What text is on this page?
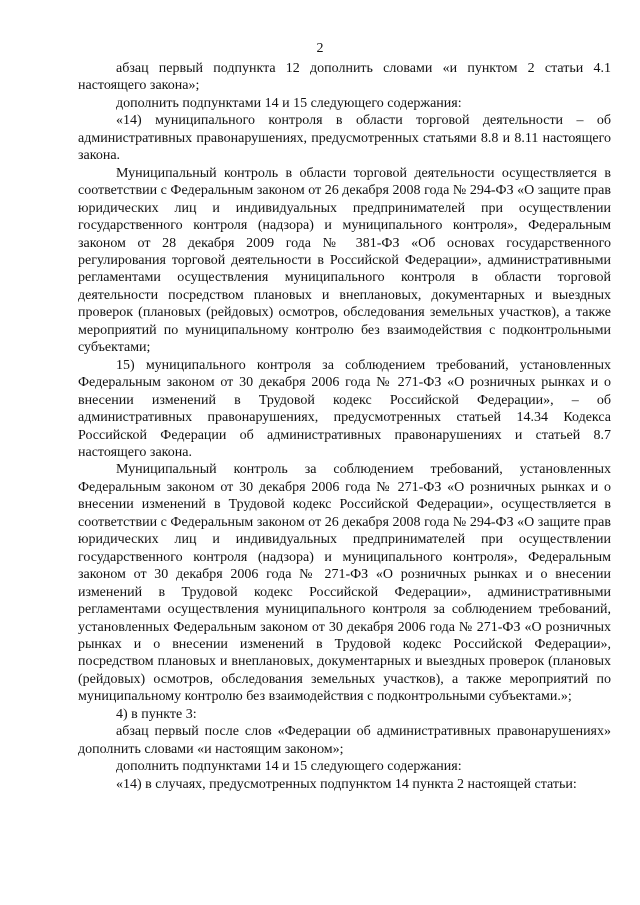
2

абзац первый подпункта 12 дополнить словами «и пунктом 2 статьи 4.1 настоящего закона»;

дополнить подпунктами 14 и 15 следующего содержания:

«14) муниципального контроля в области торговой деятельности – об административных правонарушениях, предусмотренных статьями 8.8 и 8.11 настоящего закона.

Муниципальный контроль в области торговой деятельности осуществляется в соответствии с Федеральным законом от 26 декабря 2008 года № 294-ФЗ «О защите прав юридических лиц и индивидуальных предпринимателей при осуществлении государственного контроля (надзора) и муниципального контроля», Федеральным законом от 28 декабря 2009 года № 381-ФЗ «Об основах государственного регулирования торговой деятельности в Российской Федерации», административными регламентами осуществления муниципального контроля в области торговой деятельности посредством плановых и внеплановых, документарных и выездных проверок (плановых (рейдовых) осмотров, обследования земельных участков), а также мероприятий по муниципальному контролю без взаимодействия с подконтрольными субъектами;

15) муниципального контроля за соблюдением требований, установленных Федеральным законом от 30 декабря 2006 года № 271-ФЗ «О розничных рынках и о внесении изменений в Трудовой кодекс Российской Федерации», – об административных правонарушениях, предусмотренных статьей 14.34 Кодекса Российской Федерации об административных правонарушениях и статьей 8.7 настоящего закона.

Муниципальный контроль за соблюдением требований, установленных Федеральным законом от 30 декабря 2006 года № 271-ФЗ «О розничных рынках и о внесении изменений в Трудовой кодекс Российской Федерации», осуществляется в соответствии с Федеральным законом от 26 декабря 2008 года № 294-ФЗ «О защите прав юридических лиц и индивидуальных предпринимателей при осуществлении государственного контроля (надзора) и муниципального контроля», Федеральным законом от 30 декабря 2006 года № 271-ФЗ «О розничных рынках и о внесении изменений в Трудовой кодекс Российской Федерации», административными регламентами осуществления муниципального контроля за соблюдением требований, установленных Федеральным законом от 30 декабря 2006 года № 271-ФЗ «О розничных рынках и о внесении изменений в Трудовой кодекс Российской Федерации», посредством плановых и внеплановых, документарных и выездных проверок (плановых (рейдовых) осмотров, обследования земельных участков), а также мероприятий по муниципальному контролю без взаимодействия с подконтрольными субъектами.»;

4) в пункте 3:

абзац первый после слов «Федерации об административных правонарушениях» дополнить словами «и настоящим законом»;

дополнить подпунктами 14 и 15 следующего содержания:

«14) в случаях, предусмотренных подпунктом 14 пункта 2 настоящей статьи:
